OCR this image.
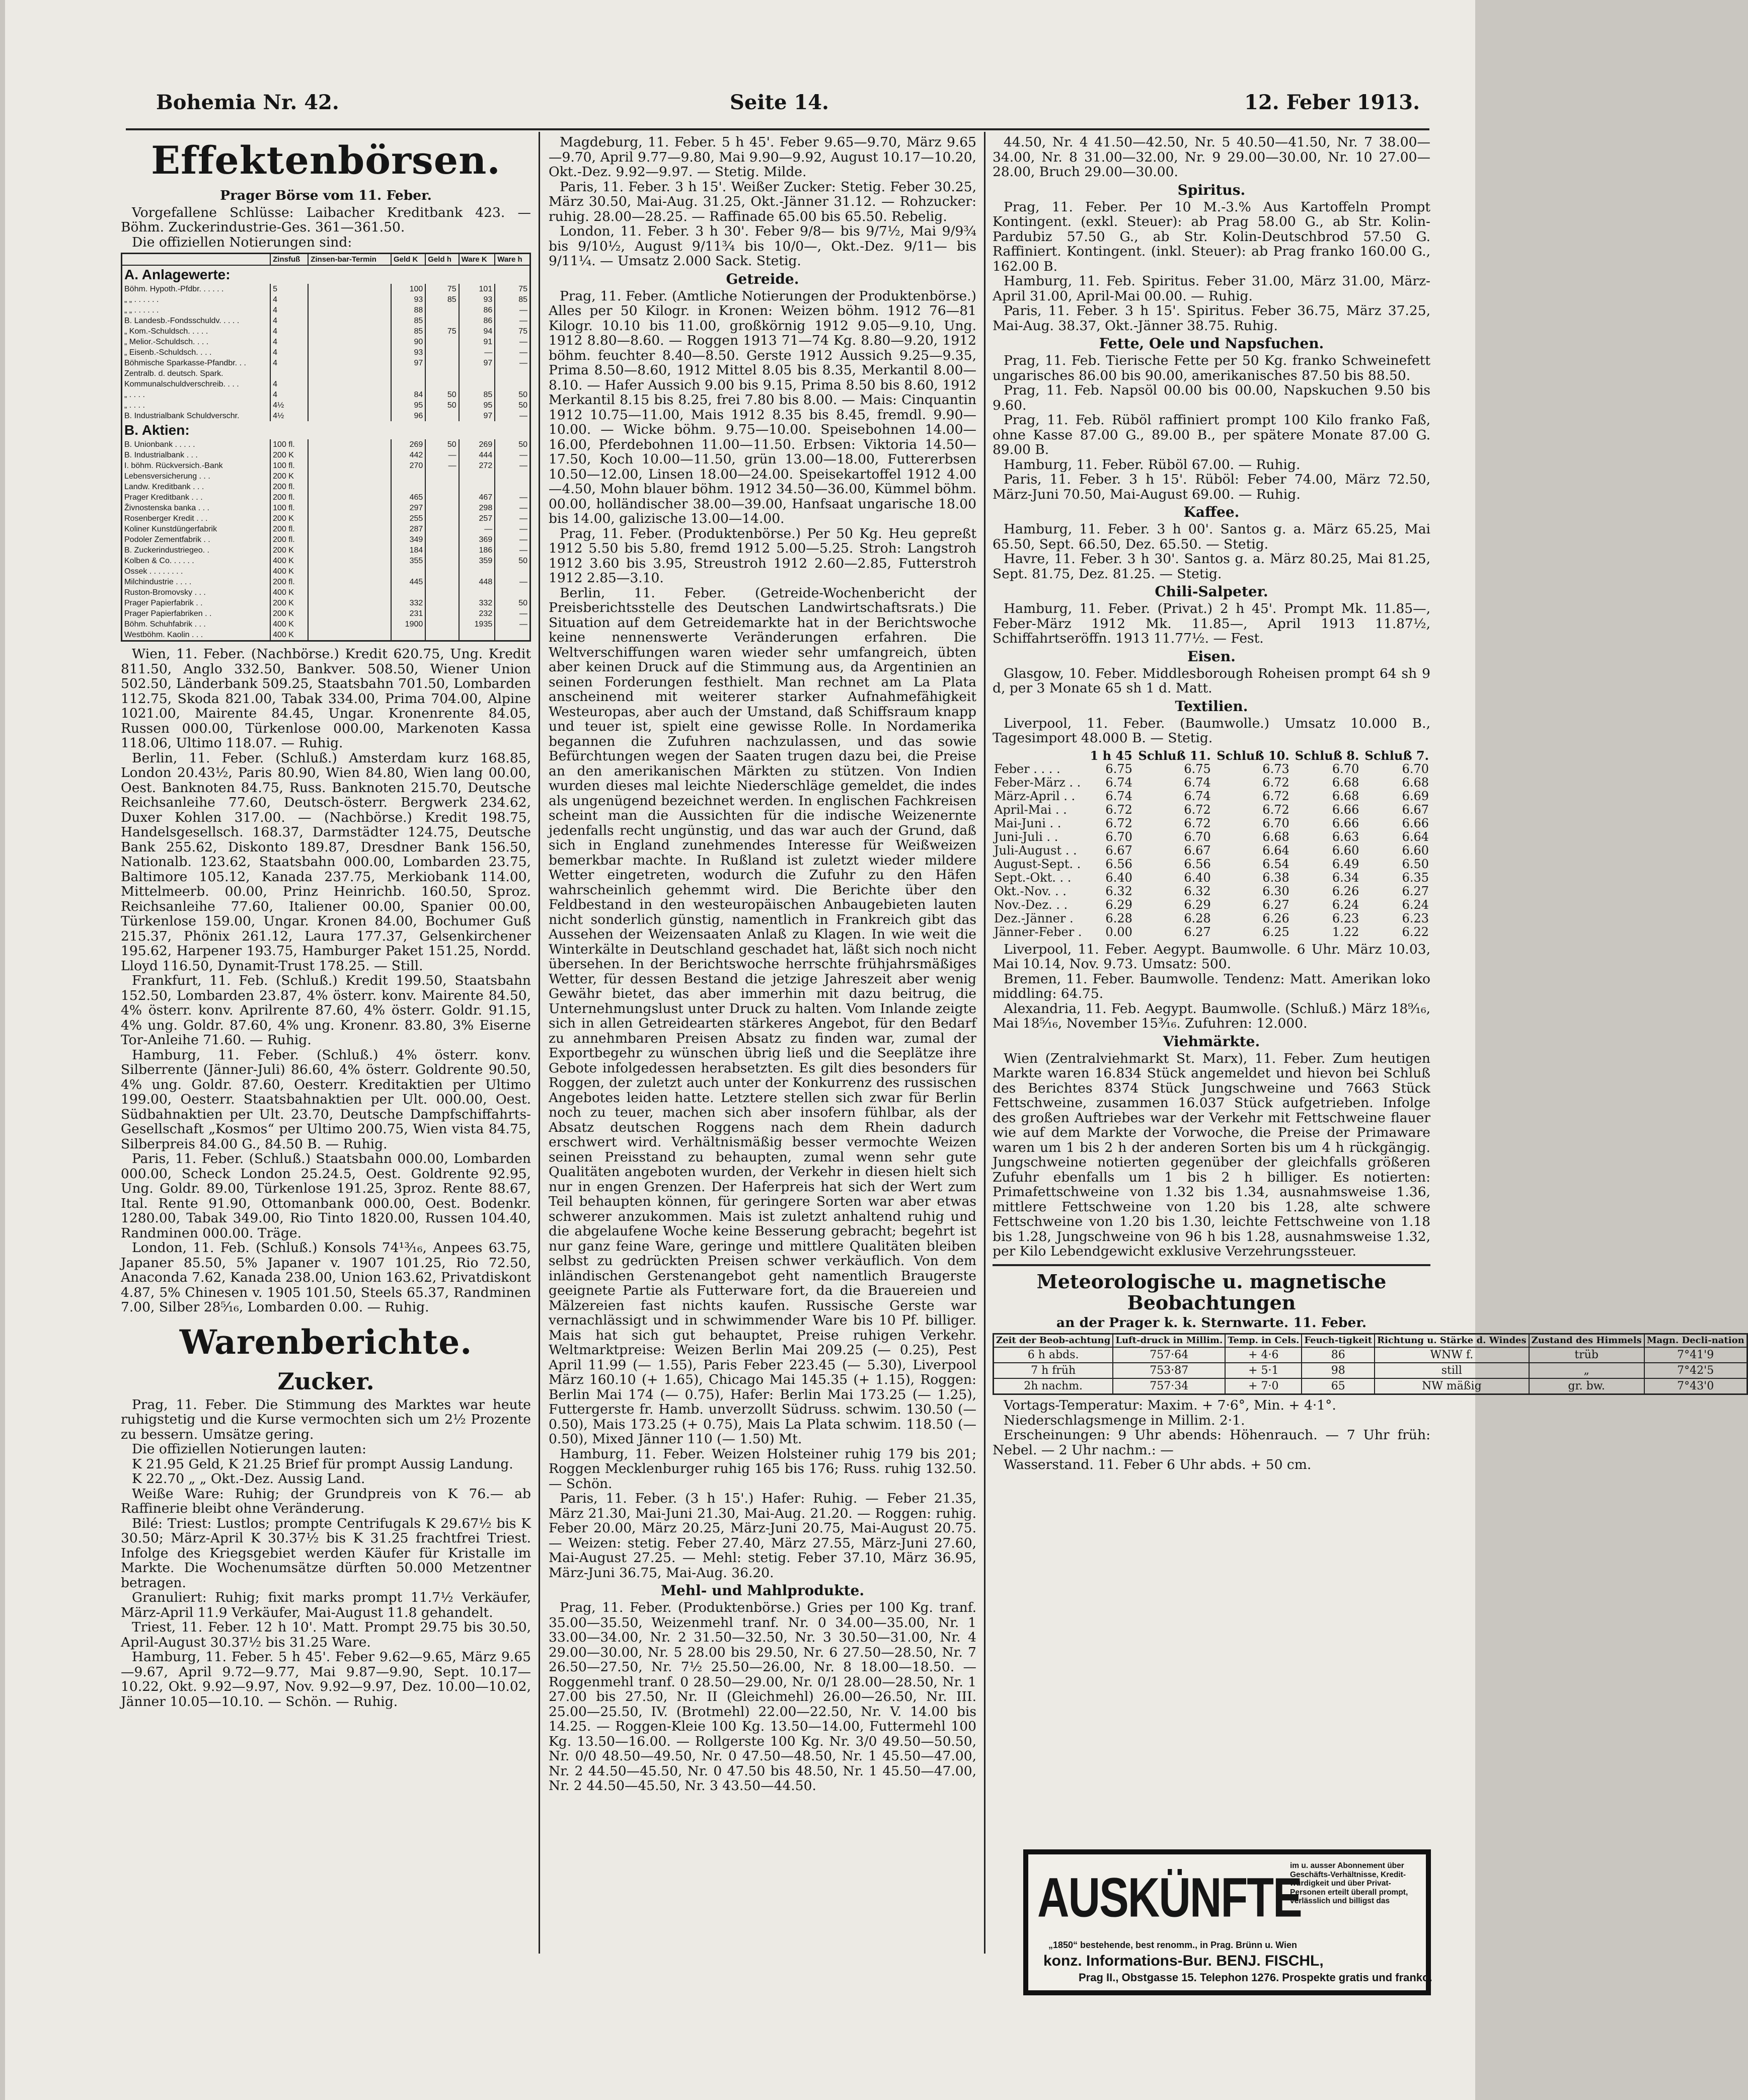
Bohemia Nr. 42.	Seite 14.	12. Feber 1913.
Effektenbörsen.
Prager Börse vom 11. Feber.

Vorgefallene Schlüsse: Laibacher Kreditbank 423. — Böhm. Zuckerindustrie-Ges. 361—361.50.

Die offiziellen Notierungen sind:

	Zinsfuß	Zinsen-bar-Termin	Geld K	Geld h	Ware K	Ware h
A. Anlagewerte:						
Böhm. Hypoth.-Pfdbr. . . . . .	5		100	75	101	75
„ „ . . . . . .	4		93	85	93	85
„ „ . . . . . .	4		88		86	—
B. Landesb.-Fondsschuldv. . . . .	4		85		86	—
„ Kom.-Schuldsch. . . . .	4		85	75	94	75
„ Melior.-Schuldsch. . . .	4		90		91	—
„ Eisenb.-Schuldsch. . . .	4		93		—	—
Böhmische Sparkasse-Pfandbr. . .	4		97		97	—
Zentralb. d. deutsch. Spark.						
Kommunalschuldverschreib. . . .	4					
„ . . . .	4		84	50	85	50
„ . . . .	4½		95	50	95	50
B. Industrialbank Schuldverschr.	4½		96		97	—
B. Aktien:						
B. Unionbank . . . . .	100 fl.		269	50	269	50
B. Industrialbank . . .	200 K		442	—	444	—
I. böhm. Rückversich.-Bank	100 fl.		270	—	272	—
Lebensversicherung . . .	200 K					
Landw. Kreditbank . . .	200 fl.					
Prager Kreditbank . . .	200 fl.		465		467	—
Živnostenska banka . . .	100 fl.		297		298	—
Rosenberger Kredit . . .	200 K		255		257	—
Koliner Kunstdüngerfabrik	200 fl.		287		—	—
Podoler Zementfabrik . .	200 fl.		349		369	—
B. Zuckerindustriegeo. .	200 K		184		186	—
Kolben & Co. . . . . .	400 K		355		359	50
Ossek . . . . . . . .	400 K					
Milchindustrie . . . .	200 fl.		445		448	—
Ruston-Bromovsky . . .	400 K					
Prager Papierfabrik . .	200 K		332		332	50
Prager Papierfabriken . .	200 K		231		232	—
Böhm. Schuhfabrik . . .	400 K		1900		1935	—
Westböhm. Kaolin . . .	400 K					

Wien, 11. Feber. (Nachbörse.) Kredit 620.75, Ung. Kredit 811.50, Anglo 332.50, Bankver. 508.50, Wiener Union 502.50, Länderbank 509.25, Staatsbahn 701.50, Lombarden 112.75, Skoda 821.00, Tabak 334.00, Prima 704.00, Alpine 1021.00, Mairente 84.45, Ungar. Kronenrente 84.05, Russen 000.00, Türkenlose 000.00, Markenoten Kassa 118.06, Ultimo 118.07. — Ruhig.

Berlin, 11. Feber. (Schluß.) Amsterdam kurz 168.85, London 20.43½, Paris 80.90, Wien 84.80, Wien lang 00.00, Oest. Banknoten 84.75, Russ. Banknoten 215.70, Deutsche Reichsanleihe 77.60, Deutsch-österr. Bergwerk 234.62, Duxer Kohlen 317.00. — (Nachbörse.) Kredit 198.75, Handelsgesellsch. 168.37, Darmstädter 124.75, Deutsche Bank 255.62, Diskonto 189.87, Dresdner Bank 156.50, Nationalb. 123.62, Staatsbahn 000.00, Lombarden 23.75, Baltimore 105.12, Kanada 237.75, Merkiobank 114.00, Mittelmeerb. 00.00, Prinz Heinrichb. 160.50, Sproz. Reichsanleihe 77.60, Italiener 00.00, Spanier 00.00, Türkenlose 159.00, Ungar. Kronen 84.00, Bochumer Guß 215.37, Phönix 261.12, Laura 177.37, Gelsenkirchener 195.62, Harpener 193.75, Hamburger Paket 151.25, Nordd. Lloyd 116.50, Dynamit-Trust 178.25. — Still.

Frankfurt, 11. Feb. (Schluß.) Kredit 199.50, Staatsbahn 152.50, Lombarden 23.87, 4% österr. konv. Mairente 84.50, 4% österr. konv. Aprilrente 87.60, 4% österr. Goldr. 91.15, 4% ung. Goldr. 87.60, 4% ung. Kronenr. 83.80, 3% Eiserne Tor-Anleihe 71.60. — Ruhig.

Hamburg, 11. Feber. (Schluß.) 4% österr. konv. Silberrente (Jänner-Juli) 86.60, 4% österr. Goldrente 90.50, 4% ung. Goldr. 87.60, Oesterr. Kreditaktien per Ultimo 199.00, Oesterr. Staatsbahnaktien per Ult. 000.00, Oest. Südbahnaktien per Ult. 23.70, Deutsche Dampfschiffahrts-Gesellschaft „Kosmos“ per Ultimo 200.75, Wien vista 84.75, Silberpreis 84.00 G., 84.50 B. — Ruhig.

Paris, 11. Feber. (Schluß.) Staatsbahn 000.00, Lombarden 000.00, Scheck London 25.24.5, Oest. Goldrente 92.95, Ung. Goldr. 89.00, Türkenlose 191.25, 3proz. Rente 88.67, Ital. Rente 91.90, Ottomanbank 000.00, Oest. Bodenkr. 1280.00, Tabak 349.00, Rio Tinto 1820.00, Russen 104.40, Randminen 000.00. Träge.

London, 11. Feb. (Schluß.) Konsols 74¹³⁄₁₆, Anpees 63.75, Japaner 85.50, 5% Japaner v. 1907 101.25, Rio 72.50, Anaconda 7.62, Kanada 238.00, Union 163.62, Privatdiskont 4.87, 5% Chinesen v. 1905 101.50, Steels 65.37, Randminen 7.00, Silber 28⁵⁄₁₆, Lombarden 0.00. — Ruhig.

Warenberichte.
Zucker.

Prag, 11. Feber. Die Stimmung des Marktes war heute ruhigstetig und die Kurse vermochten sich um 2½ Prozente zu bessern. Umsätze gering.

Die offiziellen Notierungen lauten:

K 21.95 Geld, K 21.25 Brief für prompt Aussig Landung.

K 22.70 „ „ Okt.-Dez. Aussig Land.

Weiße Ware: Ruhig; der Grundpreis von K 76.— ab Raffinerie bleibt ohne Veränderung.

Bilé: Triest: Lustlos; prompte Centrifugals K 29.67½ bis K 30.50; März-April K 30.37½ bis K 31.25 frachtfrei Triest. Infolge des Kriegsgebiet werden Käufer für Kristalle im Markte. Die Wochenumsätze dürften 50.000 Metzentner betragen.

Granuliert: Ruhig; fixit marks prompt 11.7½ Verkäufer, März-April 11.9 Verkäufer, Mai-August 11.8 gehandelt.

Triest, 11. Feber. 12 h 10'. Matt. Prompt 29.75 bis 30.50, April-August 30.37½ bis 31.25 Ware.

Hamburg, 11. Feber. 5 h 45'. Feber 9.62—9.65, März 9.65—9.67, April 9.72—9.77, Mai 9.87—9.90, Sept. 10.17—10.22, Okt. 9.92—9.97, Nov. 9.92—9.97, Dez. 10.00—10.02, Jänner 10.05—10.10. — Schön. — Ruhig.

Magdeburg, 11. Feber. 5 h 45'. Feber 9.65—9.70, März 9.65—9.70, April 9.77—9.80, Mai 9.90—9.92, August 10.17—10.20, Okt.-Dez. 9.92—9.97. — Stetig. Milde.

Paris, 11. Feber. 3 h 15'. Weißer Zucker: Stetig. Feber 30.25, März 30.50, Mai-Aug. 31.25, Okt.-Jänner 31.12. — Rohzucker: ruhig. 28.00—28.25. — Raffinade 65.00 bis 65.50. Rebelig.

London, 11. Feber. 3 h 30'. Feber 9/8— bis 9/7½, Mai 9/9¾ bis 9/10½, August 9/11¾ bis 10/0—, Okt.-Dez. 9/11— bis 9/11¼. — Umsatz 2.000 Sack. Stetig.

Getreide.

Prag, 11. Feber. (Amtliche Notierungen der Produktenbörse.) Alles per 50 Kilogr. in Kronen: Weizen böhm. 1912 76—81 Kilogr. 10.10 bis 11.00, großkörnig 1912 9.05—9.10, Ung. 1912 8.80—8.60. — Roggen 1913 71—74 Kg. 8.80—9.20, 1912 böhm. feuchter 8.40—8.50. Gerste 1912 Aussich 9.25—9.35, Prima 8.50—8.60, 1912 Mittel 8.05 bis 8.35, Merkantil 8.00—8.10. — Hafer Aussich 9.00 bis 9.15, Prima 8.50 bis 8.60, 1912 Merkantil 8.15 bis 8.25, frei 7.80 bis 8.00. — Mais: Cinquantin 1912 10.75—11.00, Mais 1912 8.35 bis 8.45, fremdl. 9.90—10.00. — Wicke böhm. 9.75—10.00. Speisebohnen 14.00—16.00, Pferdebohnen 11.00—11.50. Erbsen: Viktoria 14.50—17.50, Koch 10.00—11.50, grün 13.00—18.00, Futtererbsen 10.50—12.00, Linsen 18.00—24.00. Speisekartoffel 1912 4.00—4.50, Mohn blauer böhm. 1912 34.50—36.00, Kümmel böhm. 00.00, holländischer 38.00—39.00, Hanfsaat ungarische 18.00 bis 14.00, galizische 13.00—14.00.

Prag, 11. Feber. (Produktenbörse.) Per 50 Kg. Heu gepreßt 1912 5.50 bis 5.80, fremd 1912 5.00—5.25. Stroh: Langstroh 1912 3.60 bis 3.95, Streustroh 1912 2.60—2.85, Futterstroh 1912 2.85—3.10.

Berlin, 11. Feber. (Getreide-Wochenbericht der Preisberichtsstelle des Deutschen Landwirtschaftsrats.) Die Situation auf dem Getreidemarkte hat in der Berichtswoche keine nennenswerte Veränderungen erfahren. Die Weltverschiffungen waren wieder sehr umfangreich, übten aber keinen Druck auf die Stimmung aus, da Argentinien an seinen Forderungen festhielt. Man rechnet am La Plata anscheinend mit weiterer starker Aufnahmefähigkeit Westeuropas, aber auch der Umstand, daß Schiffsraum knapp und teuer ist, spielt eine gewisse Rolle. In Nordamerika begannen die Zufuhren nachzulassen, und das sowie Befürchtungen wegen der Saaten trugen dazu bei, die Preise an den amerikanischen Märkten zu stützen. Von Indien wurden dieses mal leichte Niederschläge gemeldet, die indes als ungenügend bezeichnet werden. In englischen Fachkreisen scheint man die Aussichten für die indische Weizenernte jedenfalls recht ungünstig, und das war auch der Grund, daß sich in England zunehmendes Interesse für Weißweizen bemerkbar machte. In Rußland ist zuletzt wieder mildere Wetter eingetreten, wodurch die Zufuhr zu den Häfen wahrscheinlich gehemmt wird. Die Berichte über den Feldbestand in den westeuropäischen Anbaugebieten lauten nicht sonderlich günstig, namentlich in Frankreich gibt das Aussehen der Weizensaaten Anlaß zu Klagen. In wie weit die Winterkälte in Deutschland geschadet hat, läßt sich noch nicht übersehen. In der Berichtswoche herrschte frühjahrsmäßiges Wetter, für dessen Bestand die jetzige Jahreszeit aber wenig Gewähr bietet, das aber immerhin mit dazu beitrug, die Unternehmungslust unter Druck zu halten. Vom Inlande zeigte sich in allen Getreidearten stärkeres Angebot, für den Bedarf zu annehmbaren Preisen Absatz zu finden war, zumal der Exportbegehr zu wünschen übrig ließ und die Seeplätze ihre Gebote infolgedessen herabsetzten. Es gilt dies besonders für Roggen, der zuletzt auch unter der Konkurrenz des russischen Angebotes leiden hatte. Letztere stellen sich zwar für Berlin noch zu teuer, machen sich aber insofern fühlbar, als der Absatz deutschen Roggens nach dem Rhein dadurch erschwert wird. Verhältnismäßig besser vermochte Weizen seinen Preisstand zu behaupten, zumal wenn sehr gute Qualitäten angeboten wurden, der Verkehr in diesen hielt sich nur in engen Grenzen. Der Haferpreis hat sich der Wert zum Teil behaupten können, für geringere Sorten war aber etwas schwerer anzukommen. Mais ist zuletzt anhaltend ruhig und die abgelaufene Woche keine Besserung gebracht; begehrt ist nur ganz feine Ware, geringe und mittlere Qualitäten bleiben selbst zu gedrückten Preisen schwer verkäuflich. Von dem inländischen Gerstenangebot geht namentlich Braugerste geeignete Partie als Futterware fort, da die Brauereien und Mälzereien fast nichts kaufen. Russische Gerste war vernachlässigt und in schwimmender Ware bis 10 Pf. billiger. Mais hat sich gut behauptet, Preise ruhigen Verkehr. Weltmarktpreise: Weizen Berlin Mai 209.25 (— 0.25), Pest April 11.99 (— 1.55), Paris Feber 223.45 (— 5.30), Liverpool März 160.10 (+ 1.65), Chicago Mai 145.35 (+ 1.15), Roggen: Berlin Mai 174 (— 0.75), Hafer: Berlin Mai 173.25 (— 1.25), Futtergerste fr. Hamb. unverzollt Südruss. schwim. 130.50 (— 0.50), Mais 173.25 (+ 0.75), Mais La Plata schwim. 118.50 (— 0.50), Mixed Jänner 110 (— 1.50) Mt.

Hamburg, 11. Feber. Weizen Holsteiner ruhig 179 bis 201; Roggen Mecklenburger ruhig 165 bis 176; Russ. ruhig 132.50. — Schön.

Paris, 11. Feber. (3 h 15'.) Hafer: Ruhig. — Feber 21.35, März 21.30, Mai-Juni 21.30, Mai-Aug. 21.20. — Roggen: ruhig. Feber 20.00, März 20.25, März-Juni 20.75, Mai-August 20.75. — Weizen: stetig. Feber 27.40, März 27.55, März-Juni 27.60, Mai-August 27.25. — Mehl: stetig. Feber 37.10, März 36.95, März-Juni 36.75, Mai-Aug. 36.20.

Mehl- und Mahlprodukte.

Prag, 11. Feber. (Produktenbörse.) Gries per 100 Kg. tranf. 35.00—35.50, Weizenmehl tranf. Nr. 0 34.00—35.00, Nr. 1 33.00—34.00, Nr. 2 31.50—32.50, Nr. 3 30.50—31.00, Nr. 4 29.00—30.00, Nr. 5 28.00 bis 29.50, Nr. 6 27.50—28.50, Nr. 7 26.50—27.50, Nr. 7½ 25.50—26.00, Nr. 8 18.00—18.50. — Roggenmehl tranf. 0 28.50—29.00, Nr. 0/1 28.00—28.50, Nr. 1 27.00 bis 27.50, Nr. II (Gleichmehl) 26.00—26.50, Nr. III. 25.00—25.50, IV. (Brotmehl) 22.00—22.50, Nr. V. 14.00 bis 14.25. — Roggen-Kleie 100 Kg. 13.50—14.00, Futtermehl 100 Kg. 13.50—16.00. — Rollgerste 100 Kg. Nr. 3/0 49.50—50.50, Nr. 0/0 48.50—49.50, Nr. 0 47.50—48.50, Nr. 1 45.50—47.00, Nr. 2 44.50—45.50, Nr. 0 47.50 bis 48.50, Nr. 1 45.50—47.00, Nr. 2 44.50—45.50, Nr. 3 43.50—44.50.

44.50, Nr. 4 41.50—42.50, Nr. 5 40.50—41.50, Nr. 7 38.00—34.00, Nr. 8 31.00—32.00, Nr. 9 29.00—30.00, Nr. 10 27.00—28.00, Bruch 29.00—30.00.

Spiritus.

Prag, 11. Feber. Per 10 M.-3.% Aus Kartoffeln Prompt Kontingent. (exkl. Steuer): ab Prag 58.00 G., ab Str. Kolin-Pardubiz 57.50 G., ab Str. Kolin-Deutschbrod 57.50 G. Raffiniert. Kontingent. (inkl. Steuer): ab Prag franko 160.00 G., 162.00 B.

Hamburg, 11. Feb. Spiritus. Feber 31.00, März 31.00, März-April 31.00, April-Mai 00.00. — Ruhig.

Paris, 11. Feber. 3 h 15'. Spiritus. Feber 36.75, März 37.25, Mai-Aug. 38.37, Okt.-Jänner 38.75. Ruhig.

Fette, Oele und Napsfuchen.

Prag, 11. Feb. Tierische Fette per 50 Kg. franko Schweinefett ungarisches 86.00 bis 90.00, amerikanisches 87.50 bis 88.50.

Prag, 11. Feb. Napsöl 00.00 bis 00.00, Napskuchen 9.50 bis 9.60.

Prag, 11. Feb. Rüböl raffiniert prompt 100 Kilo franko Faß, ohne Kasse 87.00 G., 89.00 B., per spätere Monate 87.00 G. 89.00 B.

Hamburg, 11. Feber. Rüböl 67.00. — Ruhig.

Paris, 11. Feber. 3 h 15'. Rüböl: Feber 74.00, März 72.50, März-Juni 70.50, Mai-August 69.00. — Ruhig.

Kaffee.

Hamburg, 11. Feber. 3 h 00'. Santos g. a. März 65.25, Mai 65.50, Sept. 66.50, Dez. 65.50. — Stetig.

Havre, 11. Feber. 3 h 30'. Santos g. a. März 80.25, Mai 81.25, Sept. 81.75, Dez. 81.25. — Stetig.

Chili-Salpeter.

Hamburg, 11. Feber. (Privat.) 2 h 45'. Prompt Mk. 11.85—, Feber-März 1912 Mk. 11.85—, April 1913 11.87½, Schiffahrtseröffn. 1913 11.77½. — Fest.

Eisen.

Glasgow, 10. Feber. Middlesborough Roheisen prompt 64 sh 9 d, per 3 Monate 65 sh 1 d. Matt.

Textilien.

Liverpool, 11. Feber. (Baumwolle.) Umsatz 10.000 B., Tagesimport 48.000 B. — Stetig.

	1 h 45	Schluß 11.	Schluß 10.	Schluß 8.	Schluß 7.
Feber . . . .	6.75	6.75	6.73	6.70	6.70
Feber-März . .	6.74	6.74	6.72	6.68	6.68
März-April . .	6.74	6.74	6.72	6.68	6.69
April-Mai . .	6.72	6.72	6.72	6.66	6.67
Mai-Juni . .	6.72	6.72	6.70	6.66	6.66
Juni-Juli . .	6.70	6.70	6.68	6.63	6.64
Juli-August . .	6.67	6.67	6.64	6.60	6.60
August-Sept. .	6.56	6.56	6.54	6.49	6.50
Sept.-Okt. . .	6.40	6.40	6.38	6.34	6.35
Okt.-Nov. . .	6.32	6.32	6.30	6.26	6.27
Nov.-Dez. . .	6.29	6.29	6.27	6.24	6.24
Dez.-Jänner .	6.28	6.28	6.26	6.23	6.23
Jänner-Feber .	0.00	6.27	6.25	1.22	6.22

Liverpool, 11. Feber. Aegypt. Baumwolle. 6 Uhr. März 10.03, Mai 10.14, Nov. 9.73. Umsatz: 500.

Bremen, 11. Feber. Baumwolle. Tendenz: Matt. Amerikan loko middling: 64.75.

Alexandria, 11. Feb. Aegypt. Baumwolle. (Schluß.) März 18⁹⁄₁₆, Mai 18⁵⁄₁₆, November 15³⁄₁₆. Zufuhren: 12.000.

Viehmärkte.

Wien (Zentralviehmarkt St. Marx), 11. Feber. Zum heutigen Markte waren 16.834 Stück angemeldet und hievon bei Schluß des Berichtes 8374 Stück Jungschweine und 7663 Stück Fettschweine, zusammen 16.037 Stück aufgetrieben. Infolge des großen Auftriebes war der Verkehr mit Fettschweine flauer wie auf dem Markte der Vorwoche, die Preise der Primaware waren um 1 bis 2 h der anderen Sorten bis um 4 h rückgängig. Jungschweine notierten gegenüber der gleichfalls größeren Zufuhr ebenfalls um 1 bis 2 h billiger. Es notierten: Primafettschweine von 1.32 bis 1.34, ausnahmsweise 1.36, mittlere Fettschweine von 1.20 bis 1.28, alte schwere Fettschweine von 1.20 bis 1.30, leichte Fettschweine von 1.18 bis 1.28, Jungschweine von 96 h bis 1.28, ausnahmsweise 1.32, per Kilo Lebendgewicht exklusive Verzehrungssteuer.

Meteorologische u. magnetische Beobachtungen
an der Prager k. k. Sternwarte. 11. Feber.
Zeit der Beob-achtung	Luft-druck in Millim.	Temp. in Cels.	Feuch-tigkeit	Richtung u. Stärke d. Windes	Zustand des Himmels	Magn. Decli-nation
6 h abds.	757·64	+ 4·6	86	WNW f.	trüb	7°41'9
7 h früh	753·87	+ 5·1	98	still	„	7°42'5
2h nachm.	757·34	+ 7·0	65	NW mäßig	gr. bw.	7°43'0

Vortags-Temperatur: Maxim. + 7·6°, Min. + 4·1°.

Niederschlagsmenge in Millim. 2·1.

Erscheinungen: 9 Uhr abends: Höhenrauch. — 7 Uhr früh: Nebel. — 2 Uhr nachm.: —

Wasserstand. 11. Feber 6 Uhr abds. + 50 cm.

AUSKÜNFTE
im u. ausser Abonnement über Geschäfts-Verhältnisse, Kredit-würdigkeit und über Privat-Personen erteilt überall prompt, verlässlich und billigst das
„1850“ bestehende, best renomm., in Prag. Brünn u. Wien
konz. Informations-Bur. BENJ. FISCHL,
Prag II., Obstgasse 15. Telephon 1276. Prospekte gratis und franko.
